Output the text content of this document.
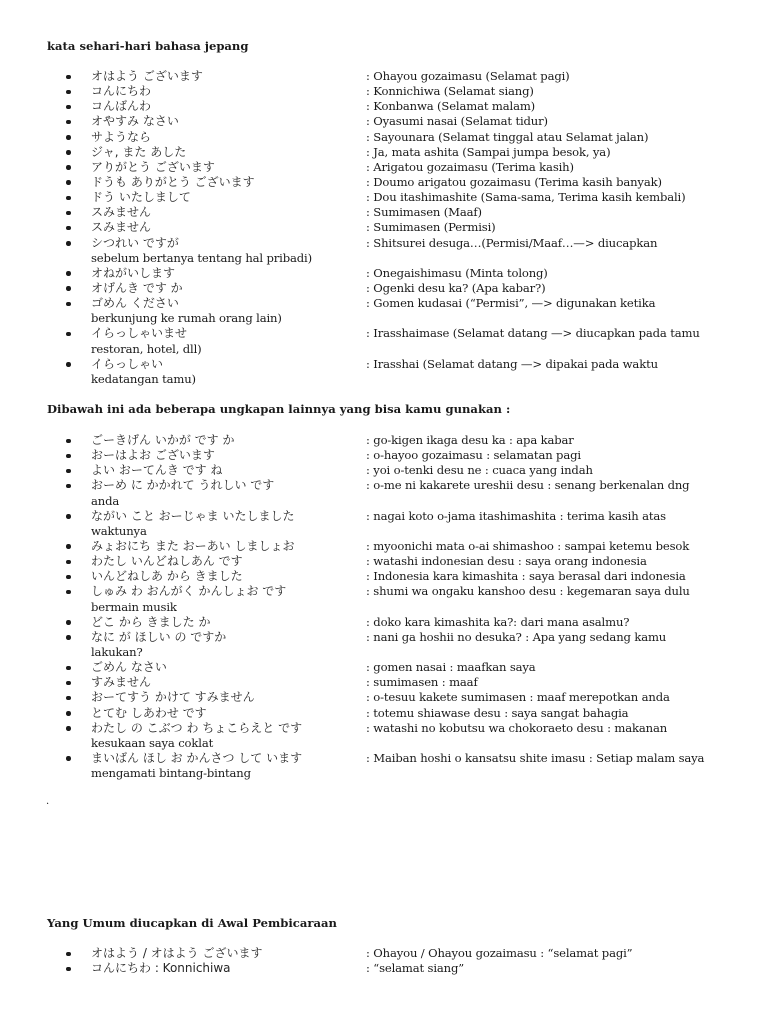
kata sehari-hari bahasa jepang
オはよう ございます	: Ohayou gozaimasu (Selamat pagi)
コんにちわ	: Konnichiwa (Selamat siang)
コんばんわ	: Konbanwa (Selamat malam)
オやすみ なさい	: Oyasumi nasai (Selamat tidur)
サようなら	: Sayounara (Selamat tinggal atau Selamat jalan)
ジャ, また あした	: Ja, mata ashita (Sampai jumpa besok, ya)
アりがとう ございます	: Arigatou gozaimasu (Terima kasih)
ドうも ありがとう ございます	: Doumo arigatou gozaimasu (Terima kasih banyak)
ドう いたしまして	: Dou itashimashite (Sama-sama, Terima kasih kembali)
スみません	: Sumimasen (Maaf)
スみません	: Sumimasen (Permisi)
シつれい ですが	: Shitsurei desuga…(Permisi/Maaf…—> diucapkan
sebelum bertanya tentang hal pribadi)
オねがいします	: Onegaishimasu (Minta tolong)
オげんき です か	: Ogenki desu ka? (Apa kabar?)
ゴめん ください	: Gomen kudasai (“Permisi”, —> digunakan ketika
berkunjung ke rumah orang lain)
イらっしゃいませ	: Irasshaimase (Selamat datang —> diucapkan pada tamu
restoran, hotel, dll)
イらっしゃい	: Irasshai (Selamat datang —> dipakai pada waktu
kedatangan tamu)
Dibawah ini ada beberapa ungkapan lainnya yang bisa kamu gunakan :
ごーきげん いかが です か	: go-kigen ikaga desu ka : apa kabar
おーはよお ございます	: o-hayoo gozaimasu : selamatan pagi
よい おーてんき です ね	: yoi o-tenki desu ne : cuaca yang indah
おーめ に かかれて うれしい です	: o-me ni kakarete ureshii desu : senang berkenalan dng
anda
ながい こと おーじゃま いたしました	: nagai koto o-jama itashimashita : terima kasih atas
waktunya
みょおにち また おーあい しましょお	: myoonichi mata o-ai shimashoo : sampai ketemu besok
わたし いんどねしあん です	: watashi indonesian desu : saya orang indonesia
いんどねしあ から きました	: Indonesia kara kimashita : saya berasal dari indonesia
しゅみ わ おんがく かんしょお です	: shumi wa ongaku kanshoo desu : kegemaran saya dulu
bermain musik
どこ から きました か	: doko kara kimashita ka?: dari mana asalmu?
なに が ほしい の ですか	: nani ga hoshii no desuka? : Apa yang sedang kamu
lakukan?
ごめん なさい	: gomen nasai : maafkan saya
すみません	: sumimasen : maaf
おーてすう かけて すみません	: o-tesuu kakete sumimasen : maaf merepotkan anda
とてむ しあわせ です	: totemu shiawase desu : saya sangat bahagia
わたし の こぶつ わ ちょこらえと です	: watashi no kobutsu wa chokoraeto desu : makanan
kesukaan saya coklat
まいばん ほし お かんさつ して います	: Maiban hoshi o kansatsu shite imasu : Setiap malam saya
mengamati bintang-bintang
.
Yang Umum diucapkan di Awal Pembicaraan
オはよう / オはよう ございます	: Ohayou / Ohayou gozaimasu : “selamat pagi”
コんにちわ : Konnichiwa	: “selamat siang”
